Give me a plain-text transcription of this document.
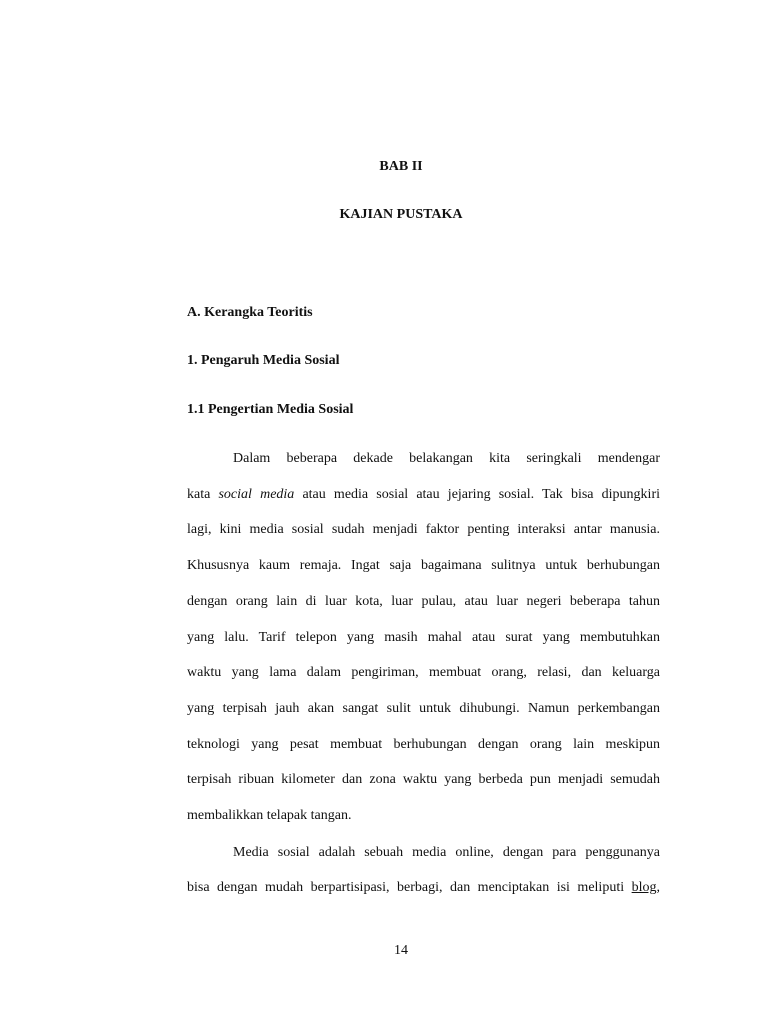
BAB II
KAJIAN PUSTAKA
A. Kerangka Teoritis
1. Pengaruh Media Sosial
1.1 Pengertian Media Sosial
Dalam beberapa dekade belakangan kita seringkali mendengar
kata social media atau media sosial atau jejaring sosial. Tak bisa dipungkiri
lagi, kini media sosial sudah menjadi faktor penting interaksi antar manusia.
Khususnya kaum remaja. Ingat saja bagaimana sulitnya untuk berhubungan
dengan orang lain di luar kota, luar pulau, atau luar negeri beberapa tahun
yang lalu. Tarif telepon yang masih mahal atau surat yang membutuhkan
waktu yang lama dalam pengiriman, membuat orang, relasi, dan keluarga
yang terpisah jauh akan sangat sulit untuk dihubungi. Namun perkembangan
teknologi yang pesat membuat berhubungan dengan orang lain meskipun
terpisah ribuan kilometer dan zona waktu yang berbeda pun menjadi semudah
membalikkan telapak tangan.
Media sosial adalah sebuah media online, dengan para penggunanya
bisa dengan mudah berpartisipasi, berbagi, dan menciptakan isi meliputi blog,
14
